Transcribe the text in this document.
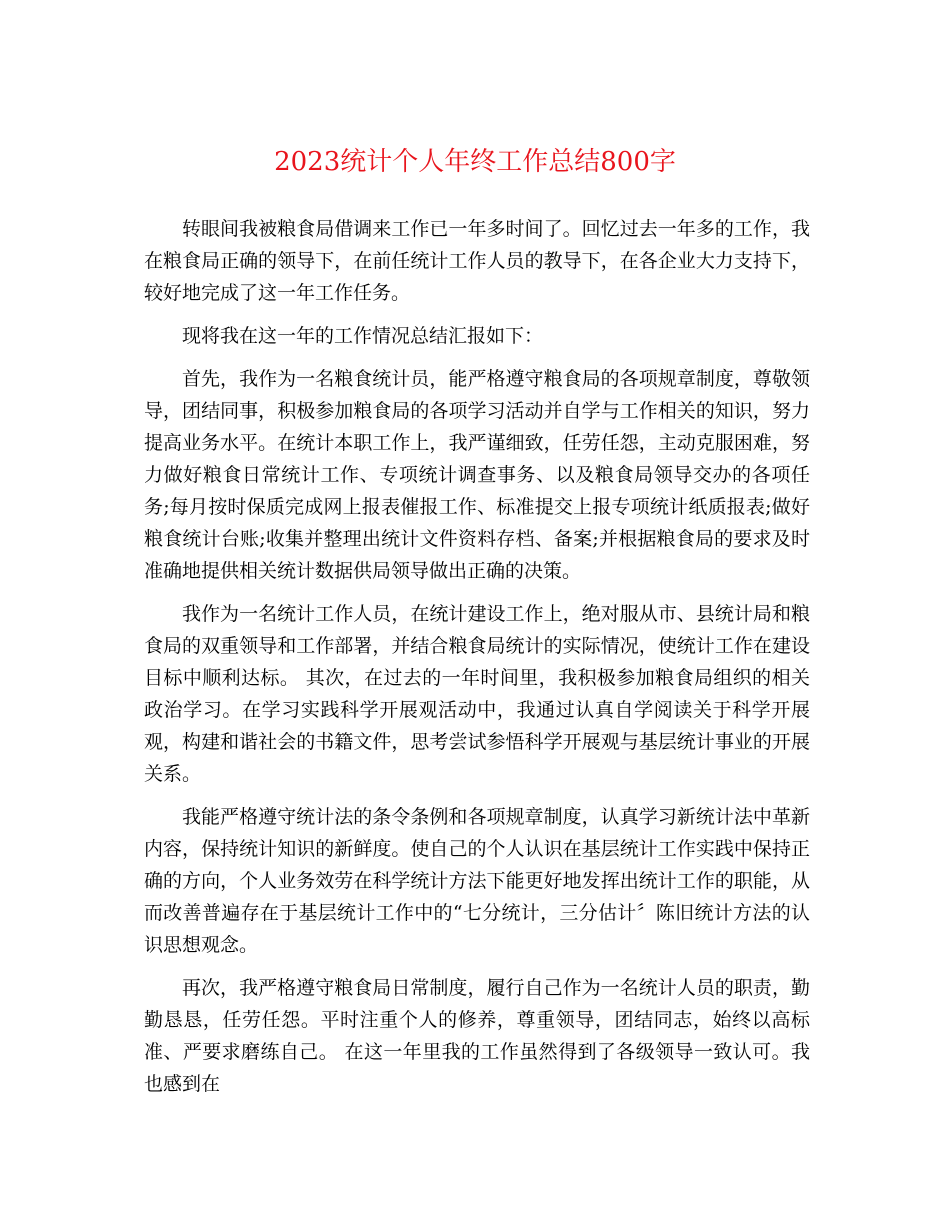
2023统计个人年终工作总结800字

转眼间我被粮食局借调来工作已一年多时间了。回忆过去一年多的工作，我在粮食局正确的领导下，在前任统计工作人员的教导下，在各企业大力支持下，较好地完成了这一年工作任务。

现将我在这一年的工作情况总结汇报如下：

首先，我作为一名粮食统计员，能严格遵守粮食局的各项规章制度，尊敬领导，团结同事，积极参加粮食局的各项学习活动并自学与工作相关的知识，努力提高业务水平。在统计本职工作上，我严谨细致，任劳任怨，主动克服困难，努力做好粮食日常统计工作、专项统计调查事务、以及粮食局领导交办的各项任务;每月按时保质完成网上报表催报工作、标准提交上报专项统计纸质报表;做好粮食统计台账;收集并整理出统计文件资料存档、备案;并根据粮食局的要求及时准确地提供相关统计数据供局领导做出正确的决策。

我作为一名统计工作人员，在统计建设工作上，绝对服从市、县统计局和粮食局的双重领导和工作部署，并结合粮食局统计的实际情况，使统计工作在建设目标中顺利达标。 其次，在过去的一年时间里，我积极参加粮食局组织的相关政治学习。在学习实践科学开展观活动中，我通过认真自学阅读关于科学开展观，构建和谐社会的书籍文件，思考尝试参悟科学开展观与基层统计事业的开展关系。

我能严格遵守统计法的条令条例和各项规章制度，认真学习新统计法中革新内容，保持统计知识的新鲜度。使自己的个人认识在基层统计工作实践中保持正确的方向，个人业务效劳在科学统计方法下能更好地发挥出统计工作的职能，从而改善普遍存在于基层统计工作中的“七分统计，三分估计〞陈旧统计方法的认识思想观念。

再次，我严格遵守粮食局日常制度，履行自己作为一名统计人员的职责，勤勤恳恳，任劳任怨。平时注重个人的修养，尊重领导，团结同志，始终以高标准、严要求磨练自己。 在这一年里我的工作虽然得到了各级领导一致认可。我也感到在
